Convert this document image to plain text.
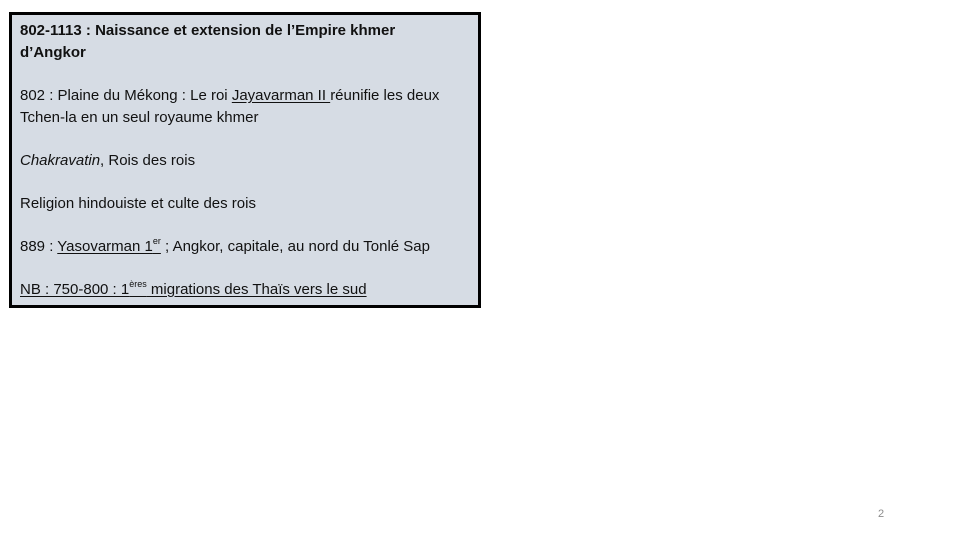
802-1113 : Naissance et extension de l’Empire khmer
d’Angkor
802 : Plaine du Mékong : Le roi Jayavarman II réunifie les deux
Tchen-la en un seul royaume khmer
Chakravatin, Rois des rois
Religion hindouiste et culte des rois
889 : Yasovarman 1er ; Angkor, capitale, au nord du Tonlé Sap
NB : 750-800 : 1ères migrations des Thaïs vers le sud
2
